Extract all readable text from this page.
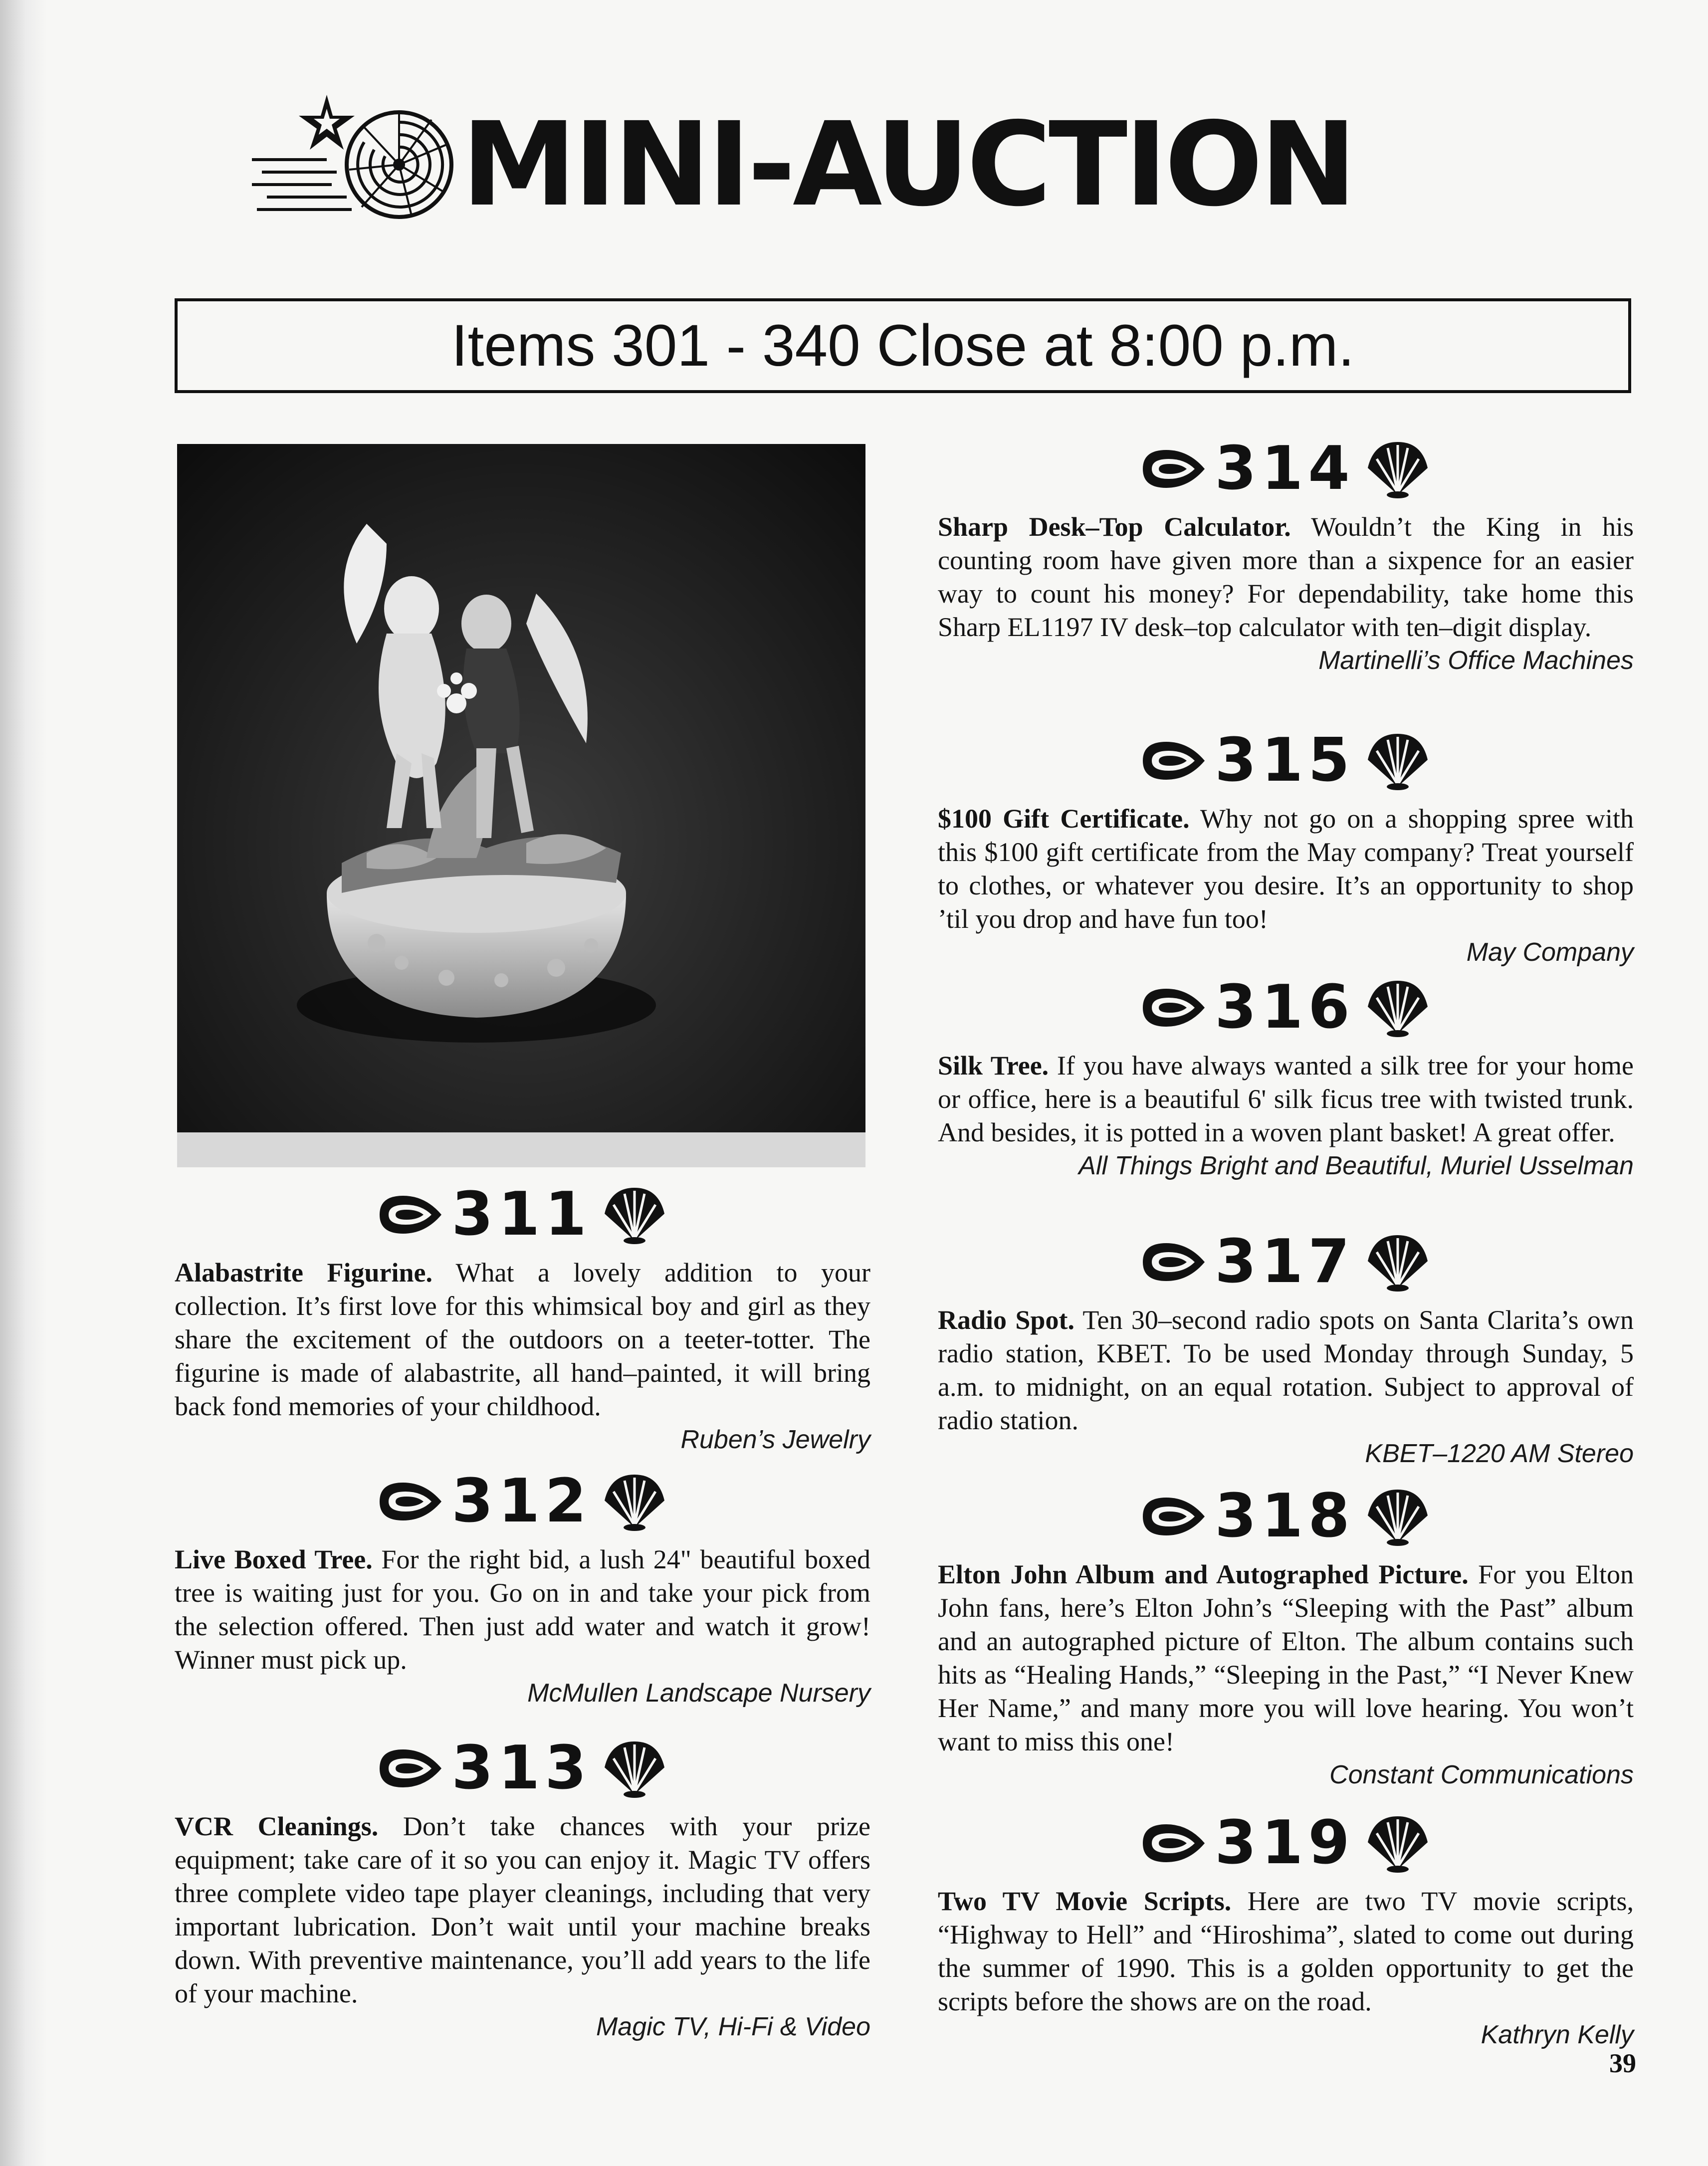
MINI-AUCTION
Items 301 - 340 Close at 8:00 p.m.
311

Alabastrite Figurine. What a lovely addition to your collection. It’s first love for this whimsical boy and girl as they share the excitement of the outdoors on a teeter-totter. The figurine is made of alabastrite, all hand–painted, it will bring back fond memories of your childhood.

Ruben’s Jewelry
312

Live Boxed Tree. For the right bid, a lush 24" beautiful boxed tree is waiting just for you. Go on in and take your pick from the selection offered. Then just add water and watch it grow! Winner must pick up.

McMullen Landscape Nursery
313

VCR Cleanings. Don’t take chances with your prize equipment; take care of it so you can enjoy it. Magic TV offers three complete video tape player cleanings, including that very important lubrication. Don’t wait until your machine breaks down. With preventive maintenance, you’ll add years to the life of your machine.

Magic TV, Hi-Fi & Video
314

Sharp Desk–Top Calculator. Wouldn’t the King in his counting room have given more than a sixpence for an easier way to count his money? For dependability, take home this Sharp EL1197 IV desk–top calculator with ten–digit display.

Martinelli’s Office Machines
315

$100 Gift Certificate. Why not go on a shopping spree with this $100 gift certificate from the May company? Treat yourself to clothes, or whatever you desire. It’s an opportunity to shop ’til you drop and have fun too!

May Company
316

Silk Tree. If you have always wanted a silk tree for your home or office, here is a beautiful 6' silk ficus tree with twisted trunk. And besides, it is potted in a woven plant basket! A great offer.

All Things Bright and Beautiful, Muriel Usselman
317

Radio Spot. Ten 30–second radio spots on Santa Clarita’s own radio station, KBET. To be used Monday through Sunday, 5 a.m. to midnight, on an equal rotation. Subject to approval of radio station.

KBET–1220 AM Stereo
318

Elton John Album and Autographed Picture. For you Elton John fans, here’s Elton John’s “Sleeping with the Past” album and an autographed picture of Elton. The album contains such hits as “Healing Hands,” “Sleeping in the Past,” “I Never Knew Her Name,” and many more you will love hearing. You won’t want to miss this one!

Constant Communications
319

Two TV Movie Scripts. Here are two TV movie scripts, “Highway to Hell” and “Hiroshima”, slated to come out during the summer of 1990. This is a golden opportunity to get the scripts before the shows are on the road.

Kathryn Kelly
39
